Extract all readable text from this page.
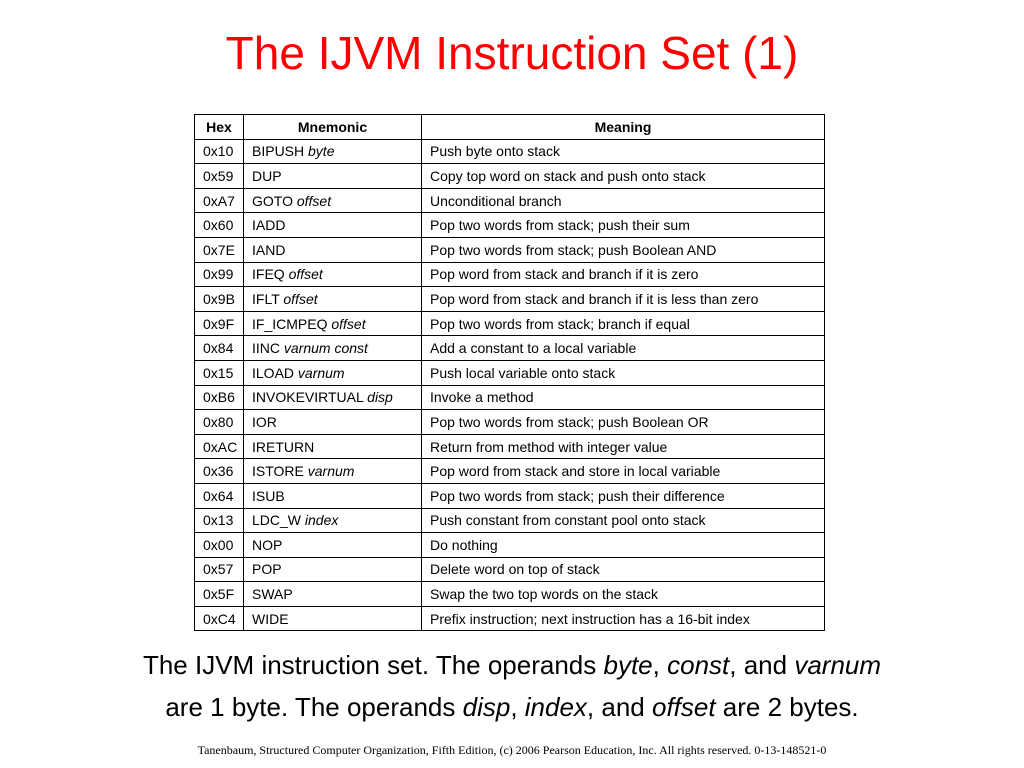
The IJVM Instruction Set (1)
Hex	Mnemonic	Meaning
0x10	BIPUSH byte	Push byte onto stack
0x59	DUP	Copy top word on stack and push onto stack
0xA7	GOTO offset	Unconditional branch
0x60	IADD	Pop two words from stack; push their sum
0x7E	IAND	Pop two words from stack; push Boolean AND
0x99	IFEQ offset	Pop word from stack and branch if it is zero
0x9B	IFLT offset	Pop word from stack and branch if it is less than zero
0x9F	IF_ICMPEQ offset	Pop two words from stack; branch if equal
0x84	IINC varnum const	Add a constant to a local variable
0x15	ILOAD varnum	Push local variable onto stack
0xB6	INVOKEVIRTUAL disp	Invoke a method
0x80	IOR	Pop two words from stack; push Boolean OR
0xAC	IRETURN	Return from method with integer value
0x36	ISTORE varnum	Pop word from stack and store in local variable
0x64	ISUB	Pop two words from stack; push their difference
0x13	LDC_W index	Push constant from constant pool onto stack
0x00	NOP	Do nothing
0x57	POP	Delete word on top of stack
0x5F	SWAP	Swap the two top words on the stack
0xC4	WIDE	Prefix instruction; next instruction has a 16-bit index
The IJVM instruction set. The operands byte, const, and varnum
are 1 byte. The operands disp, index, and offset are 2 bytes.
Tanenbaum, Structured Computer Organization, Fifth Edition, (c) 2006 Pearson Education, Inc. All rights reserved. 0-13-148521-0
